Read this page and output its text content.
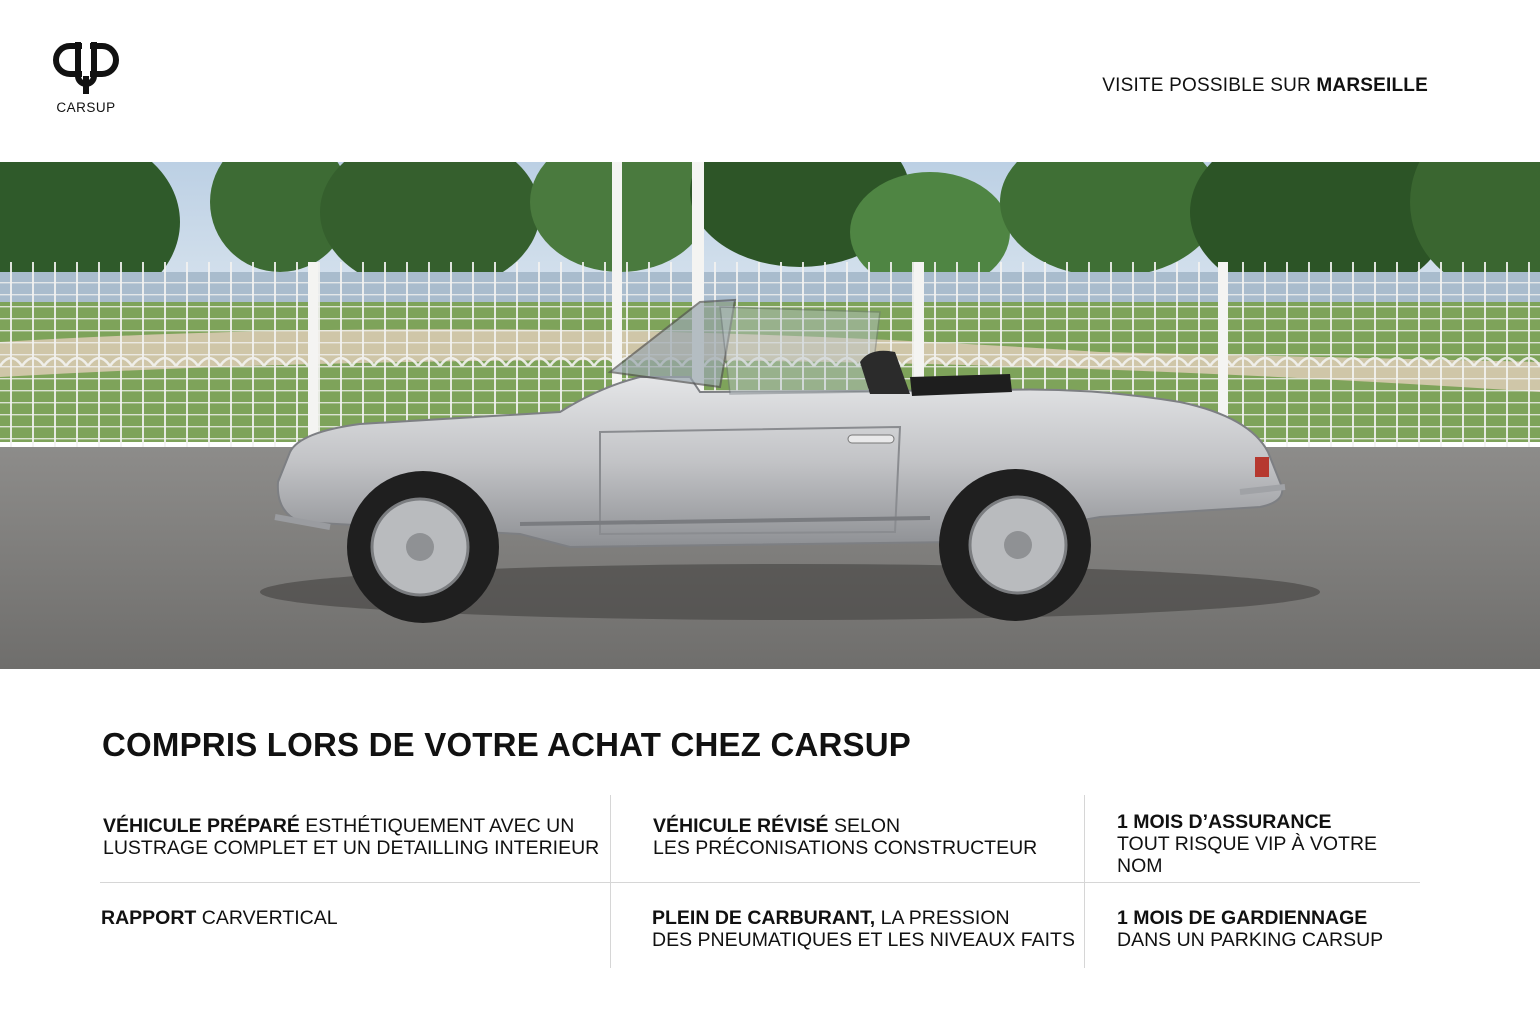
CARSUP
VISITE POSSIBLE SUR MARSEILLE
COMPRIS LORS DE VOTRE ACHAT CHEZ CARSUP
VÉHICULE PRÉPARÉ ESTHÉTIQUEMENT AVEC UN
LUSTRAGE COMPLET ET UN DETAILLING INTERIEUR
VÉHICULE RÉVISÉ SELON
LES PRÉCONISATIONS CONSTRUCTEUR
1 MOIS D’ASSURANCE
TOUT RISQUE VIP À VOTRE NOM
RAPPORT CARVERTICAL	PLEIN DE CARBURANT, LA PRESSION
DES PNEUMATIQUES ET LES NIVEAUX FAITS
1 MOIS DE GARDIENNAGE
DANS UN PARKING CARSUP
